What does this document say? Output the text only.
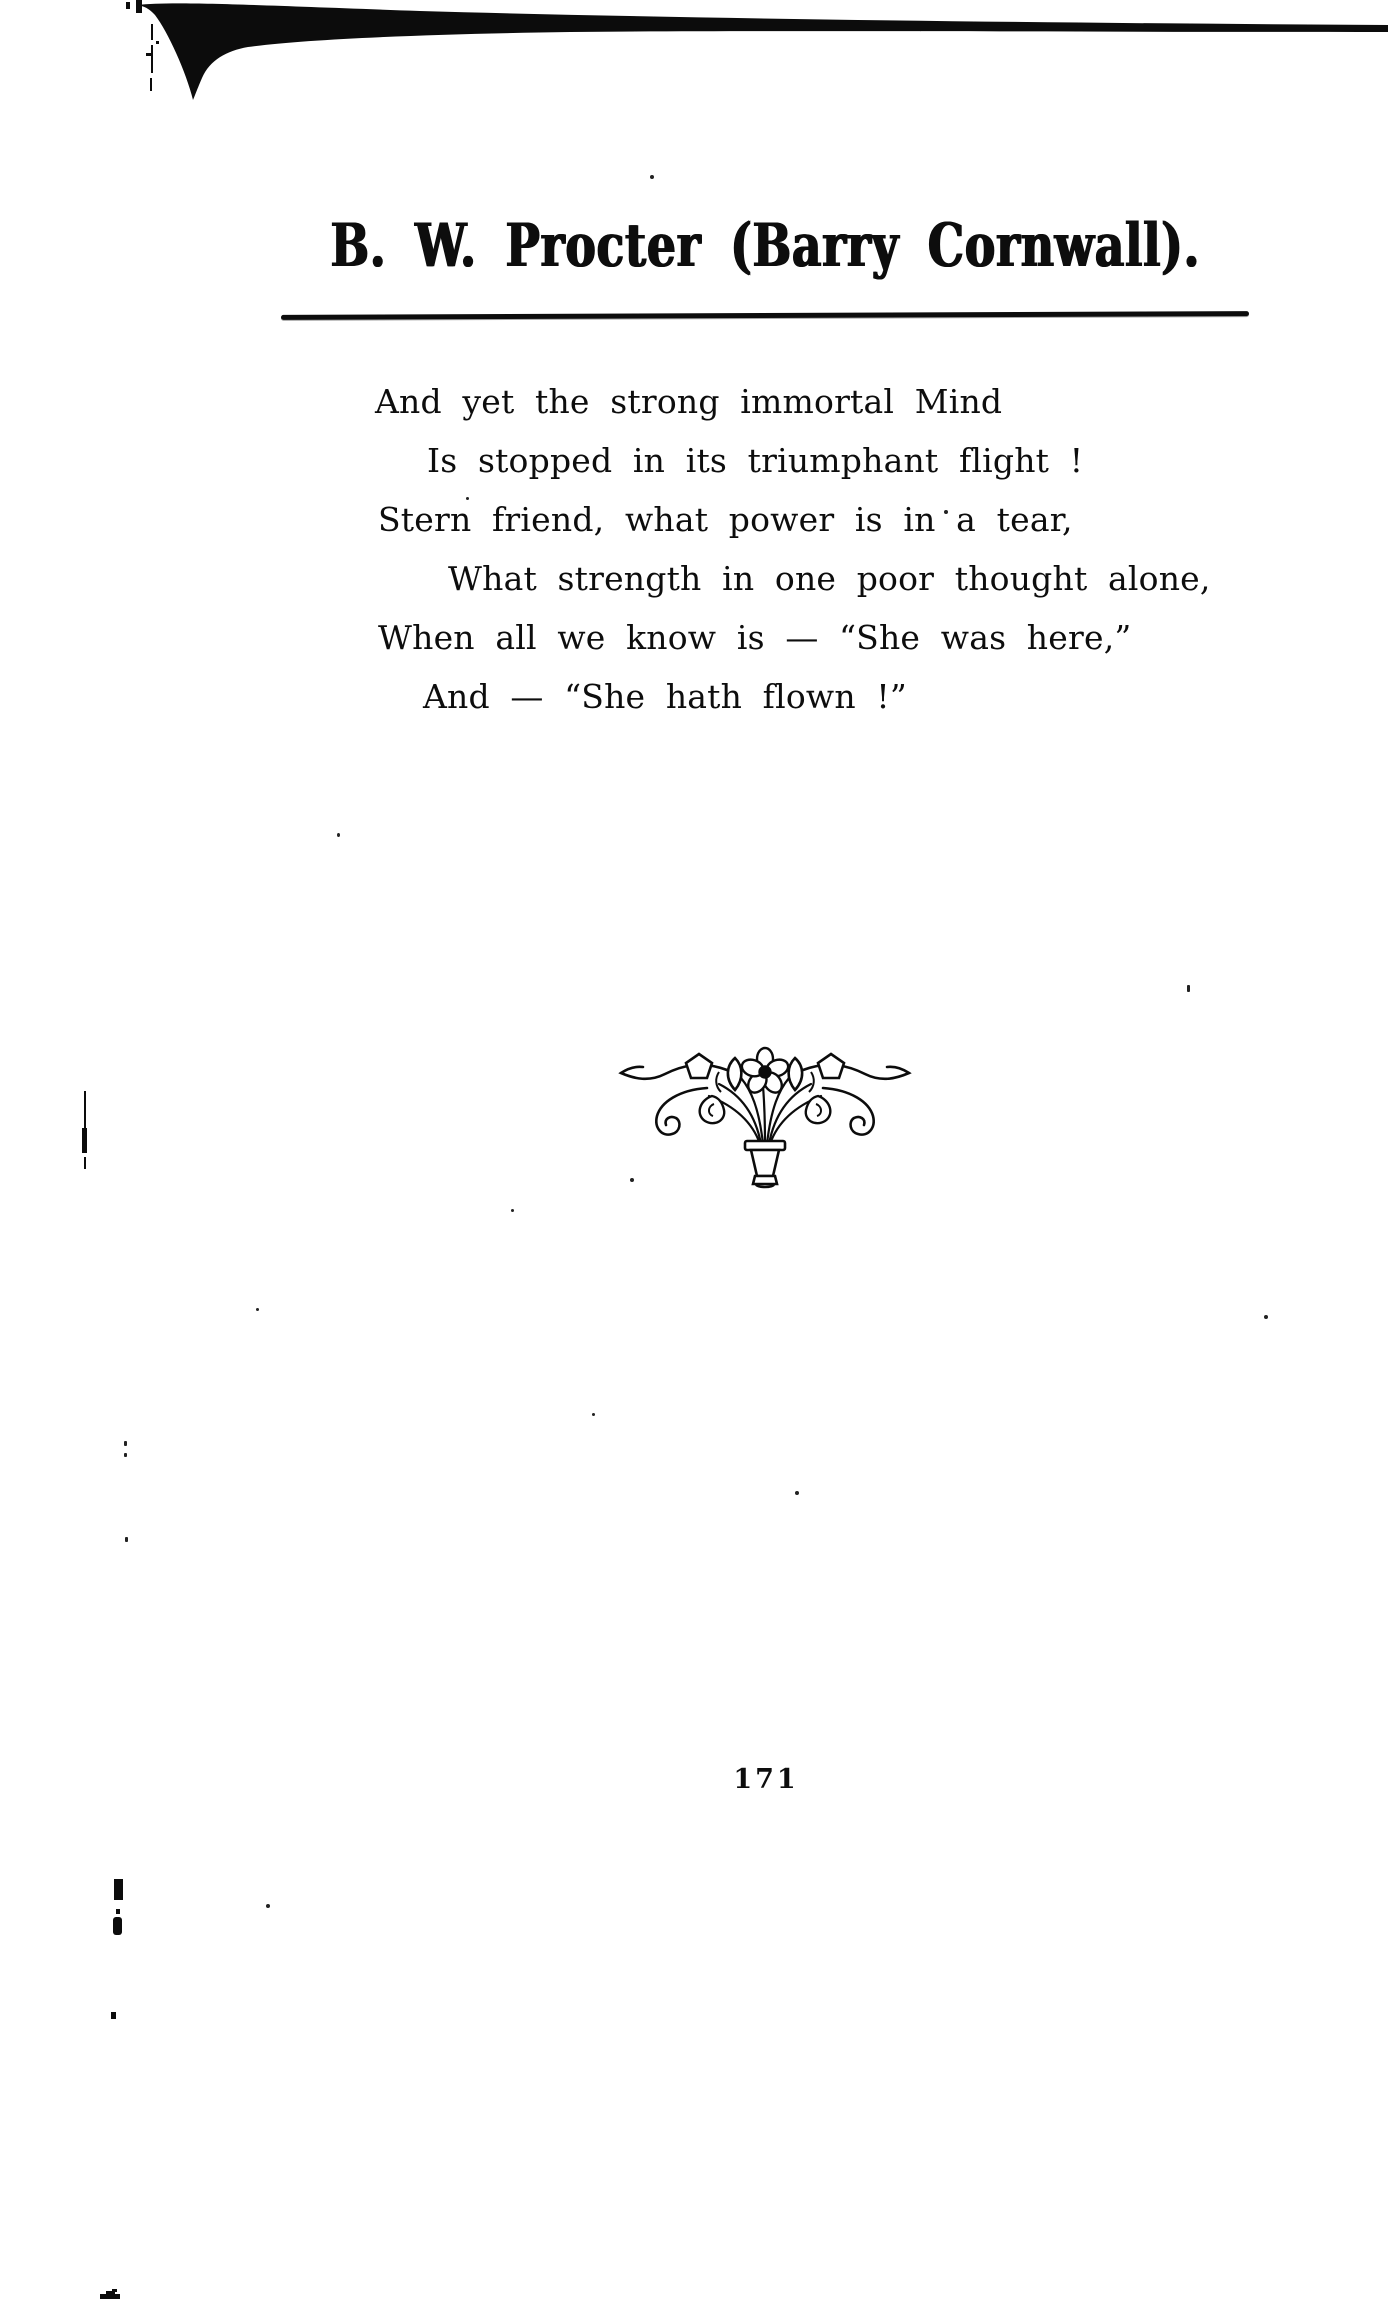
B. W. Procter (Barry Cornwall).
And yet the strong immortal Mind
Is stopped in its triumphant flight !
Stern friend, what power is in a tear,
What strength in one poor thought alone,
When all we know is — “She was here,”
And — “She hath flown !”
171
